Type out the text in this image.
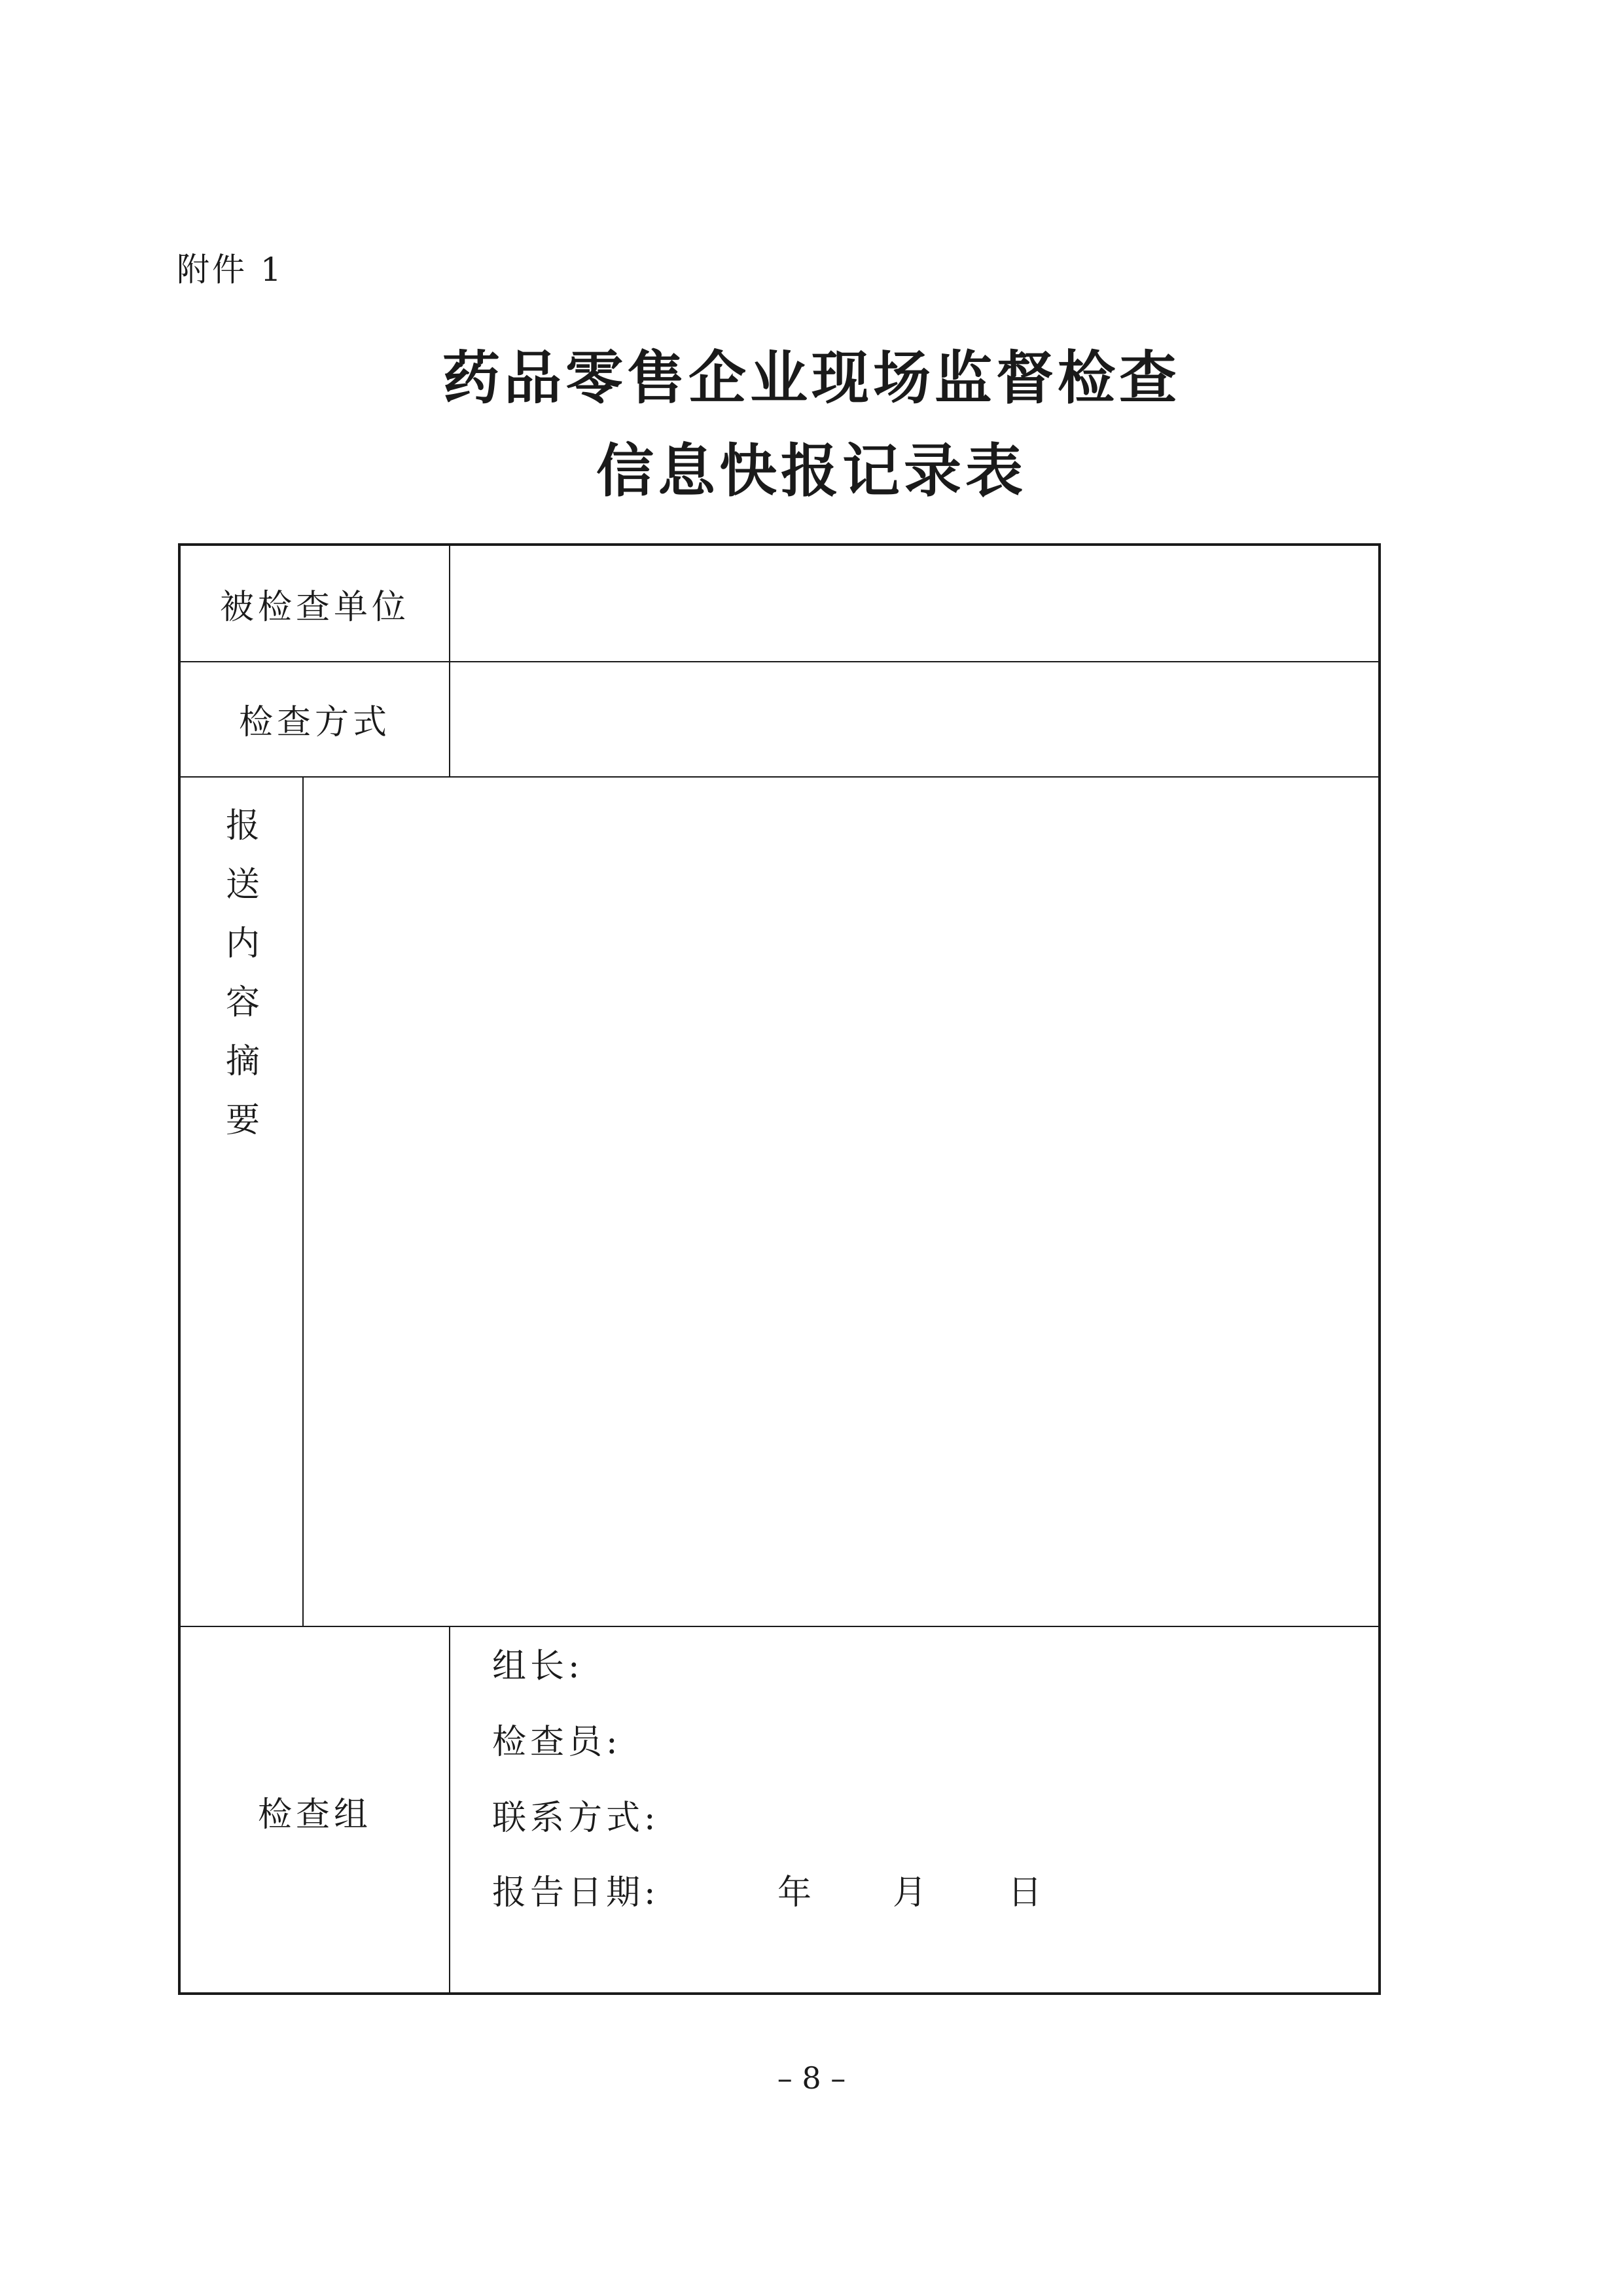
附件 1
药品零售企业现场监督检查
信息快报记录表
被检查单位
检查方式
报
送
内
容
摘
要
检查组
组长:
检查员:
联系方式:
报告日期:	年 月 日
– 8 –
